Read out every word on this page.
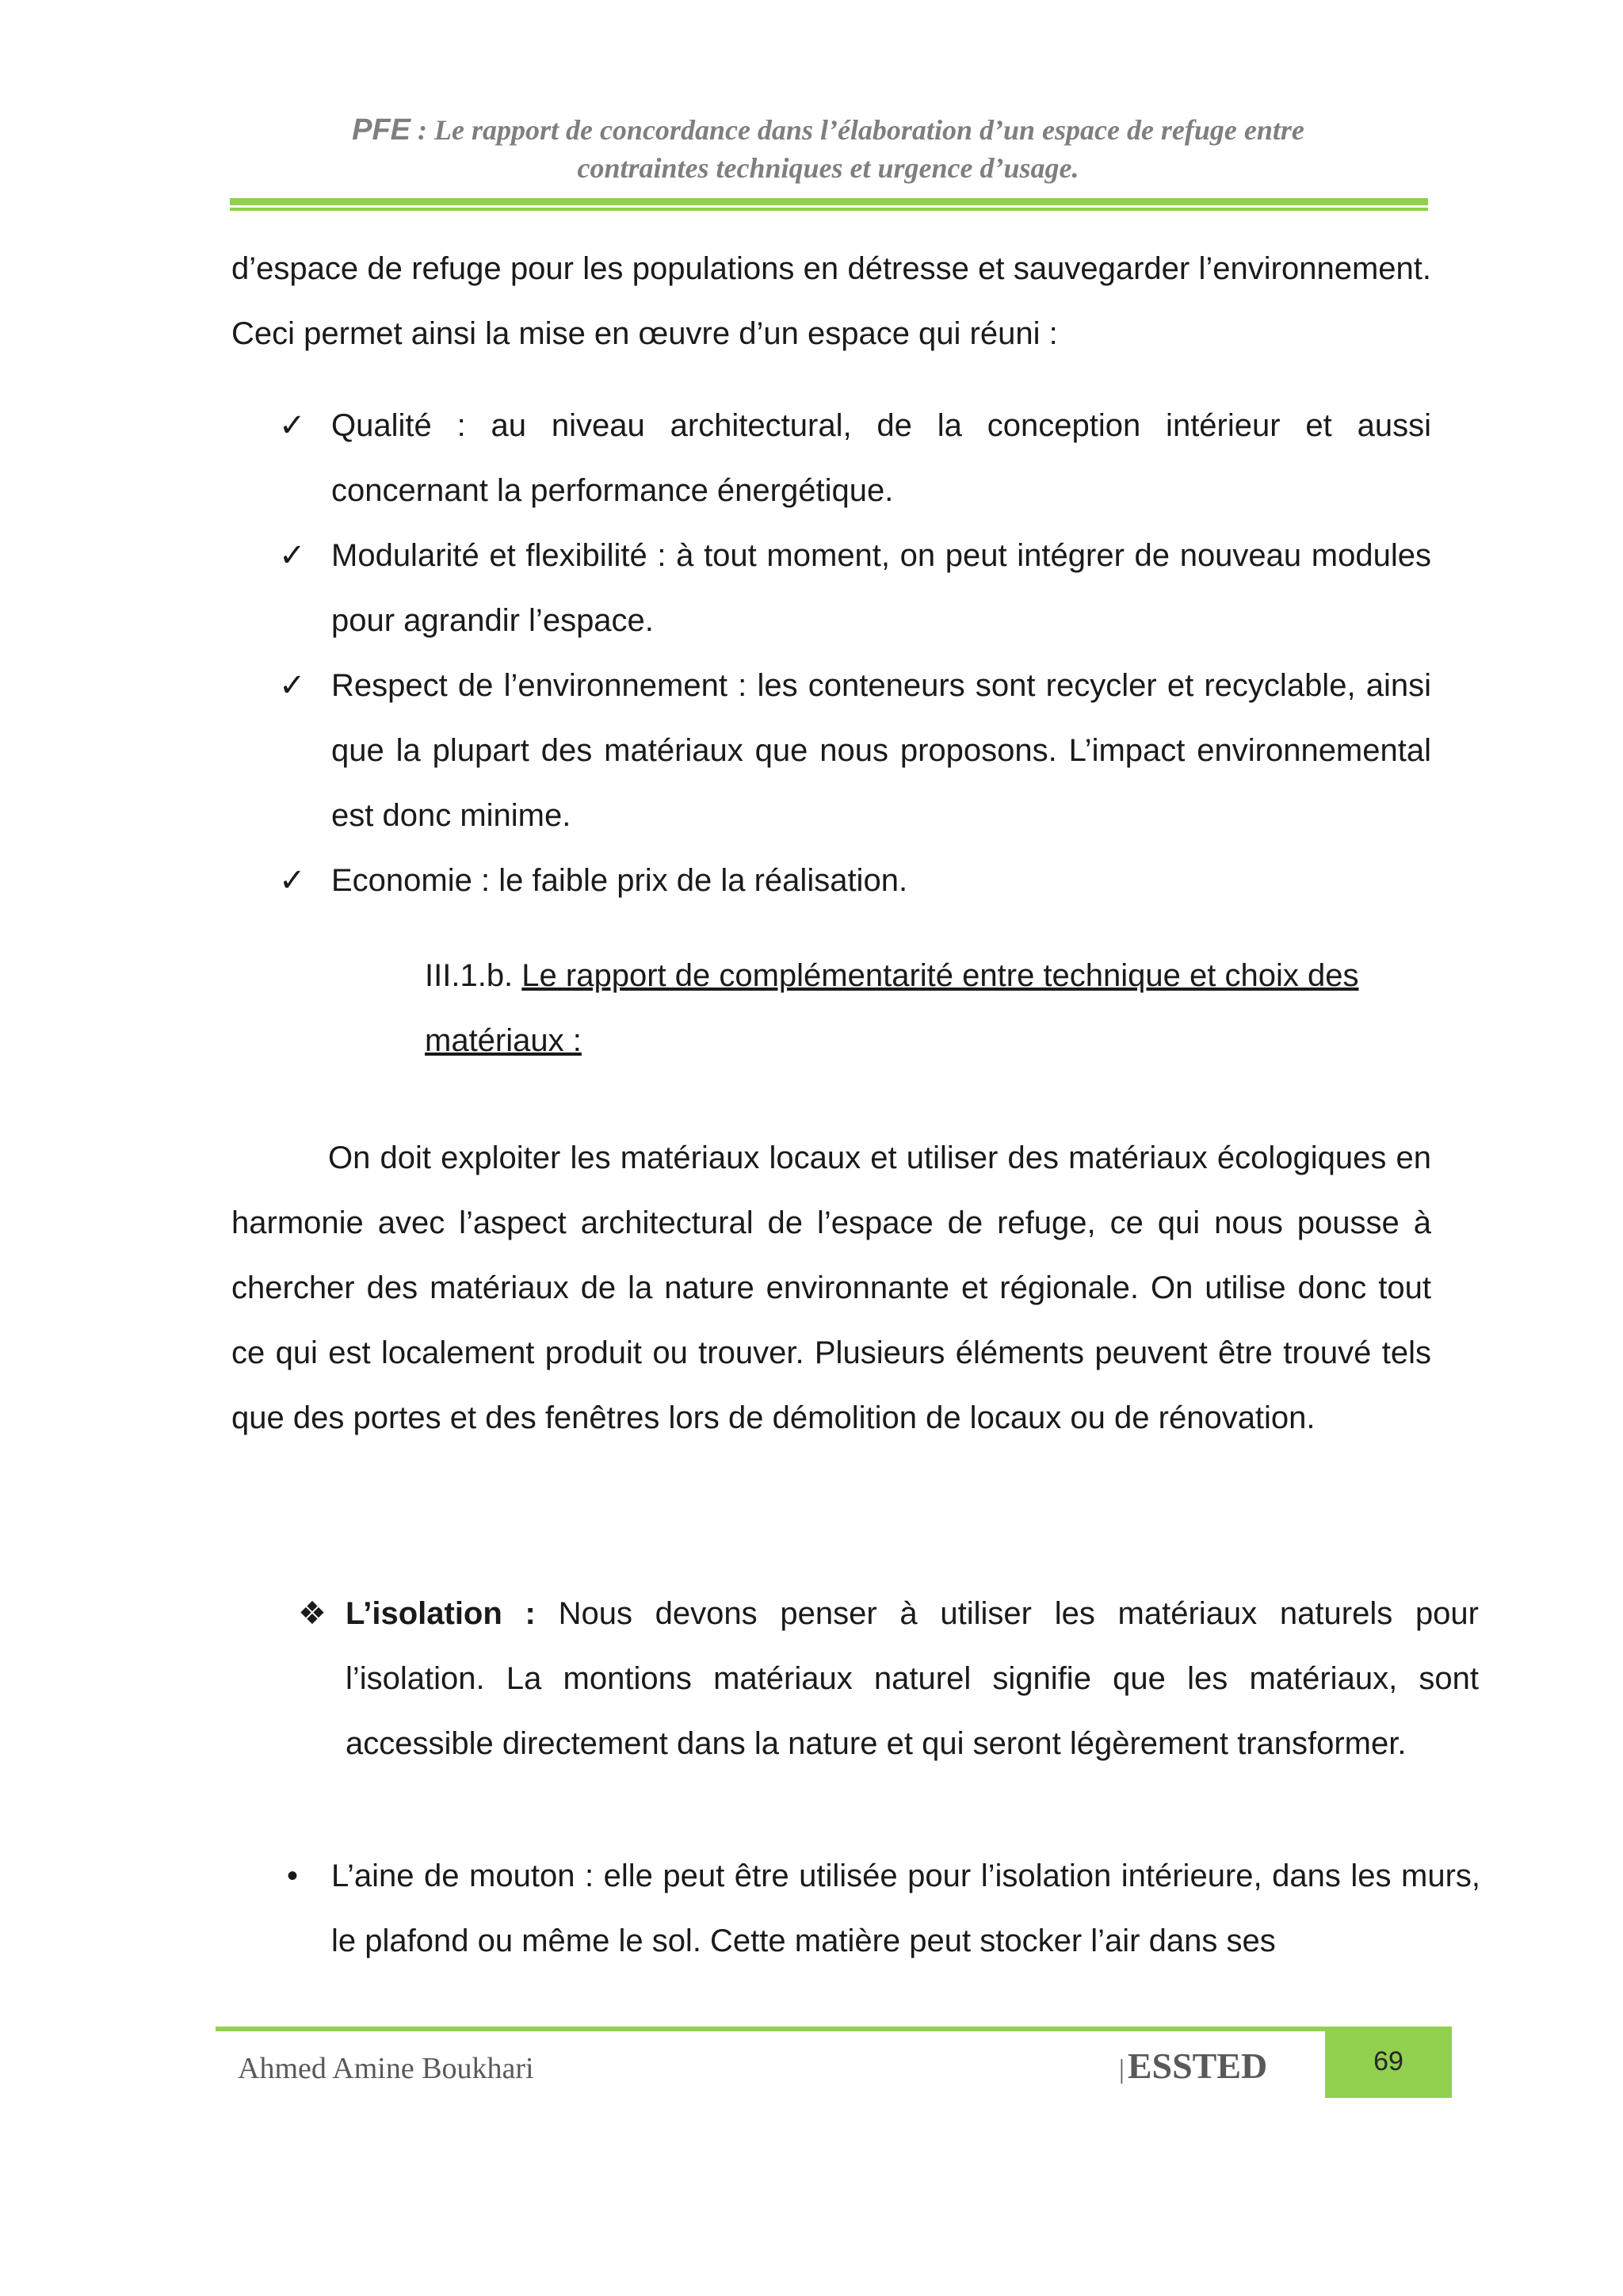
PFE : Le rapport de concordance dans l’élaboration d’un espace de refuge entre
contraintes techniques et urgence d’usage.
d’espace de refuge pour les populations en détresse et sauvegarder l’environnement. Ceci permet ainsi la mise en œuvre d’un espace qui réuni :
✓ Qualité : au niveau architectural, de la conception intérieur et aussi concernant la performance énergétique.
✓ Modularité et flexibilité : à tout moment, on peut intégrer de nouveau modules pour agrandir l’espace.
✓ Respect de l’environnement : les conteneurs sont recycler et recyclable, ainsi que la plupart des matériaux que nous proposons. L’impact environnemental est donc minime.
✓ Economie : le faible prix de la réalisation.
III.1.b. Le rapport de complémentarité entre technique et choix des matériaux :
On doit exploiter les matériaux locaux et utiliser des matériaux écologiques en harmonie avec l’aspect architectural de l’espace de refuge, ce qui nous pousse à chercher des matériaux de la nature environnante et régionale. On utilise donc tout ce qui est localement produit ou trouver. Plusieurs éléments peuvent être trouvé tels que des portes et des fenêtres lors de démolition de locaux ou de rénovation.
❖ L’isolation : Nous devons penser à utiliser les matériaux naturels pour l’isolation. La montions matériaux naturel signifie que les matériaux, sont accessible directement dans la nature et qui seront légèrement transformer.
• L’aine de mouton : elle peut être utilisée pour l’isolation intérieure, dans les murs, le plafond ou même le sol. Cette matière peut stocker l’air dans ses
Ahmed Amine Boukhari	|ESSTED	69
